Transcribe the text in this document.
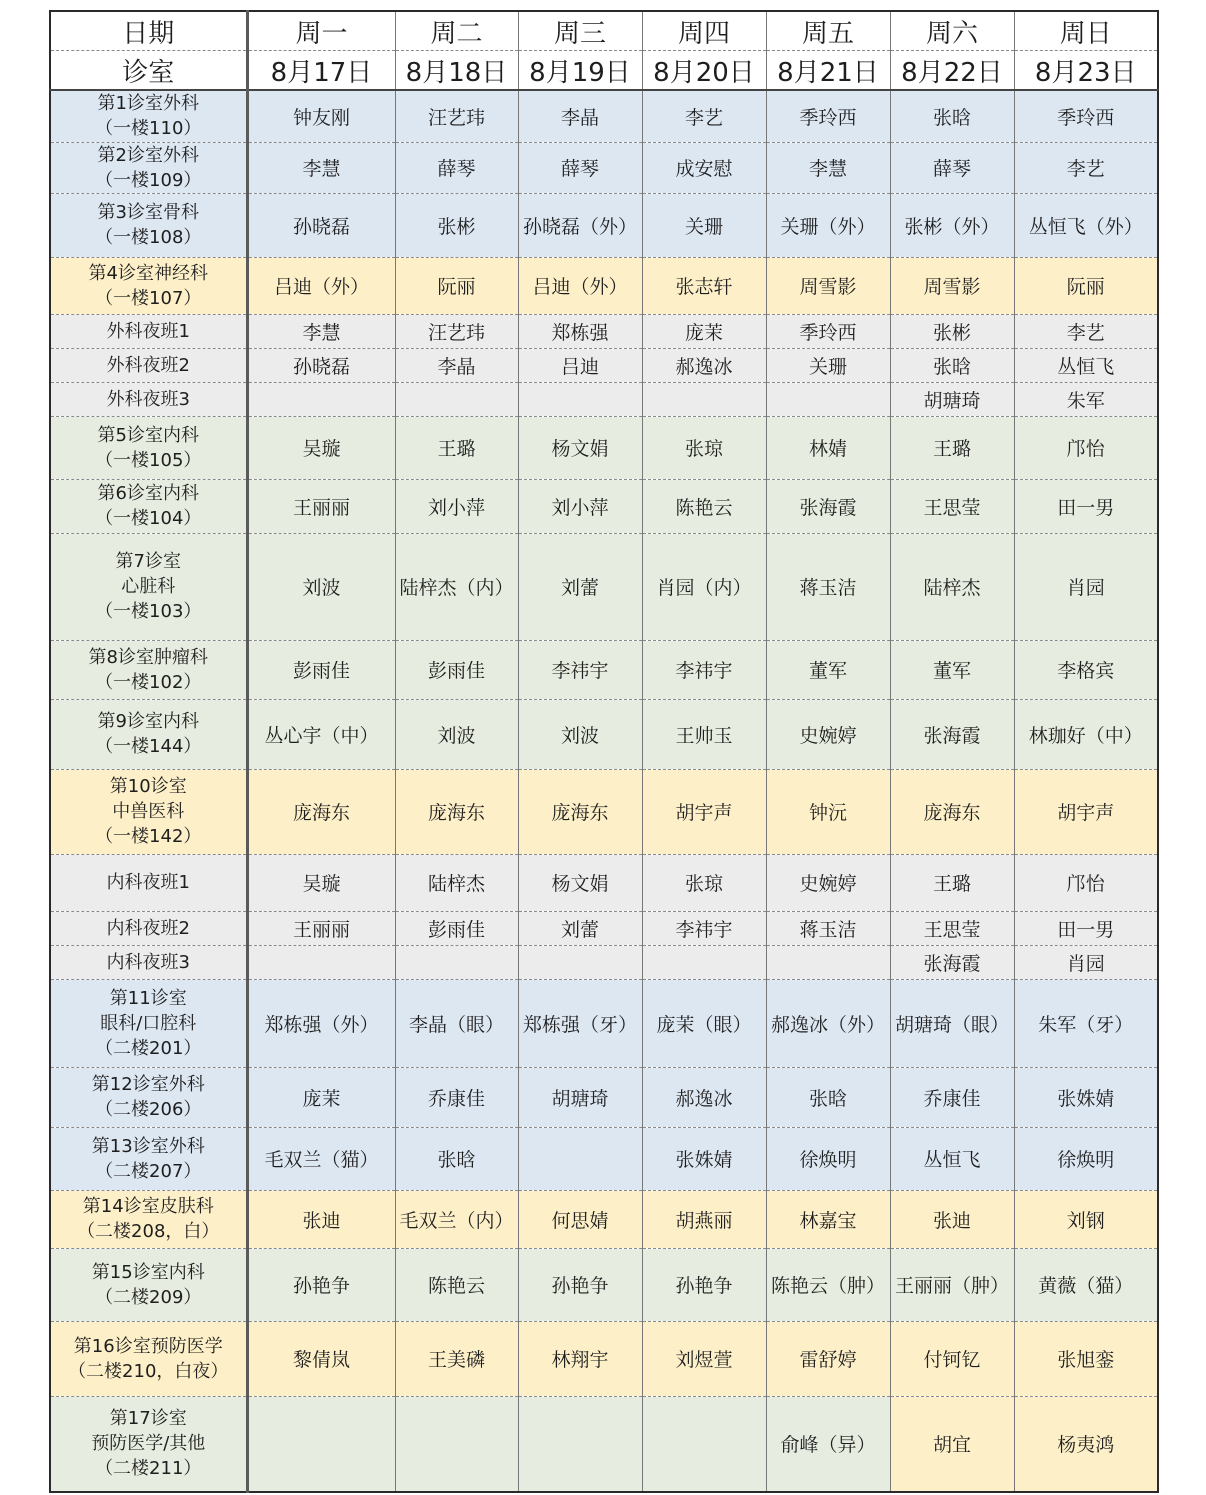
日期	周一	周二	周三	周四	周五	周六	周日
诊室	8月17日	8月18日	8月19日	8月20日	8月21日	8月22日	8月23日

第1诊室外科
（一楼110）	钟友刚	汪艺玮	李晶	李艺	季玲西	张晗	季玲西

第2诊室外科
（一楼109）	李慧	薛琴	薛琴	成安慰	李慧	薛琴	李艺

第3诊室骨科
（一楼108）	孙晓磊	张彬	孙晓磊（外）	关珊	关珊（外）	张彬（外）	丛恒飞（外）

第4诊室神经科
（一楼107）	吕迪（外）	阮丽	吕迪（外）	张志轩	周雪影	周雪影	阮丽

外科夜班1	李慧	汪艺玮	郑栋强	庞茉	季玲西	张彬	李艺

外科夜班2	孙晓磊	李晶	吕迪	郝逸冰	关珊	张晗	丛恒飞

外科夜班3						胡瑭琦	朱军

第5诊室内科
（一楼105）	吴璇	王璐	杨文娟	张琼	林婧	王璐	邝怡

第6诊室内科
（一楼104）	王丽丽	刘小萍	刘小萍	陈艳云	张海霞	王思莹	田一男

第7诊室
心脏科
（一楼103）	刘波	陆梓杰（内）	刘蕾	肖园（内）	蒋玉洁	陆梓杰	肖园

第8诊室肿瘤科
（一楼102）	彭雨佳	彭雨佳	李祎宇	李祎宇	董军	董军	李格宾

第9诊室内科
（一楼144）	丛心宇（中）	刘波	刘波	王帅玉	史婉婷	张海霞	林珈好（中）

第10诊室
中兽医科
（一楼142）	庞海东	庞海东	庞海东	胡宇声	钟沅	庞海东	胡宇声

内科夜班1	吴璇	陆梓杰	杨文娟	张琼	史婉婷	王璐	邝怡

内科夜班2	王丽丽	彭雨佳	刘蕾	李祎宇	蒋玉洁	王思莹	田一男

内科夜班3						张海霞	肖园

第11诊室
眼科/口腔科
（二楼201）	郑栋强（外）	李晶（眼）	郑栋强（牙）	庞茉（眼）	郝逸冰（外）	胡瑭琦（眼）	朱军（牙）

第12诊室外科
（二楼206）	庞茉	乔康佳	胡瑭琦	郝逸冰	张晗	乔康佳	张姝婧

第13诊室外科
（二楼207）	毛双兰（猫）	张晗		张姝婧	徐焕明	丛恒飞	徐焕明

第14诊室皮肤科
（二楼208，白）	张迪	毛双兰（内）	何思婧	胡燕丽	林嘉宝	张迪	刘钢

第15诊室内科
（二楼209）	孙艳争	陈艳云	孙艳争	孙艳争	陈艳云（肿）	王丽丽（肿）	黄薇（猫）

第16诊室预防医学
（二楼210，白夜）	黎倩岚	王美磷	林翔宇	刘煜萱	雷舒婷	付钶钇	张旭銮

第17诊室
预防医学/其他
（二楼211）					俞峰（异）	胡宜	杨夷鸿
